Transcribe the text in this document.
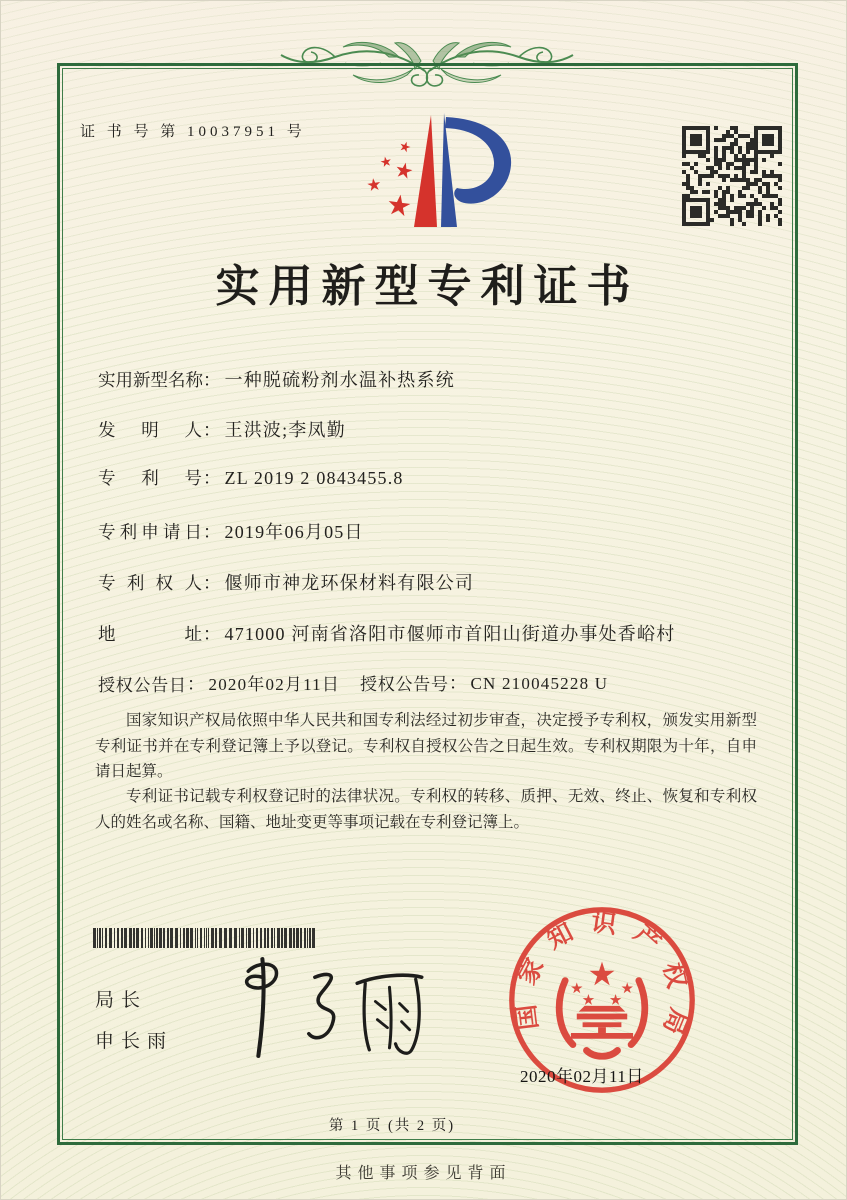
证 书 号 第 10037951 号
实用新型专利证书
实用新型名称： 一种脱硫粉剂水温补热系统
发明人： 王洪波;李凤勤
专利号： ZL 2019 2 0843455.8
专利申请日： 2019年06月05日
专利权人： 偃师市神龙环保材料有限公司
地址： 471000 河南省洛阳市偃师市首阳山街道办事处香峪村
授权公告日： 2020年02月11日 授权公告号： CN 210045228 U
国家知识产权局依照中华人民共和国专利法经过初步审查，决定授予专利权，颁发实用新型专利证书并在专利登记簿上予以登记。专利权自授权公告之日起生效。专利权期限为十年，自申请日起算。
专利证书记载专利权登记时的法律状况。专利权的转移、质押、无效、终止、恢复和专利权人的姓名或名称、国籍、地址变更等事项记载在专利登记簿上。
局长
申长雨
国家知识产权局
2020年02月11日
第 1 页 (共 2 页)
其他事项参见背面
